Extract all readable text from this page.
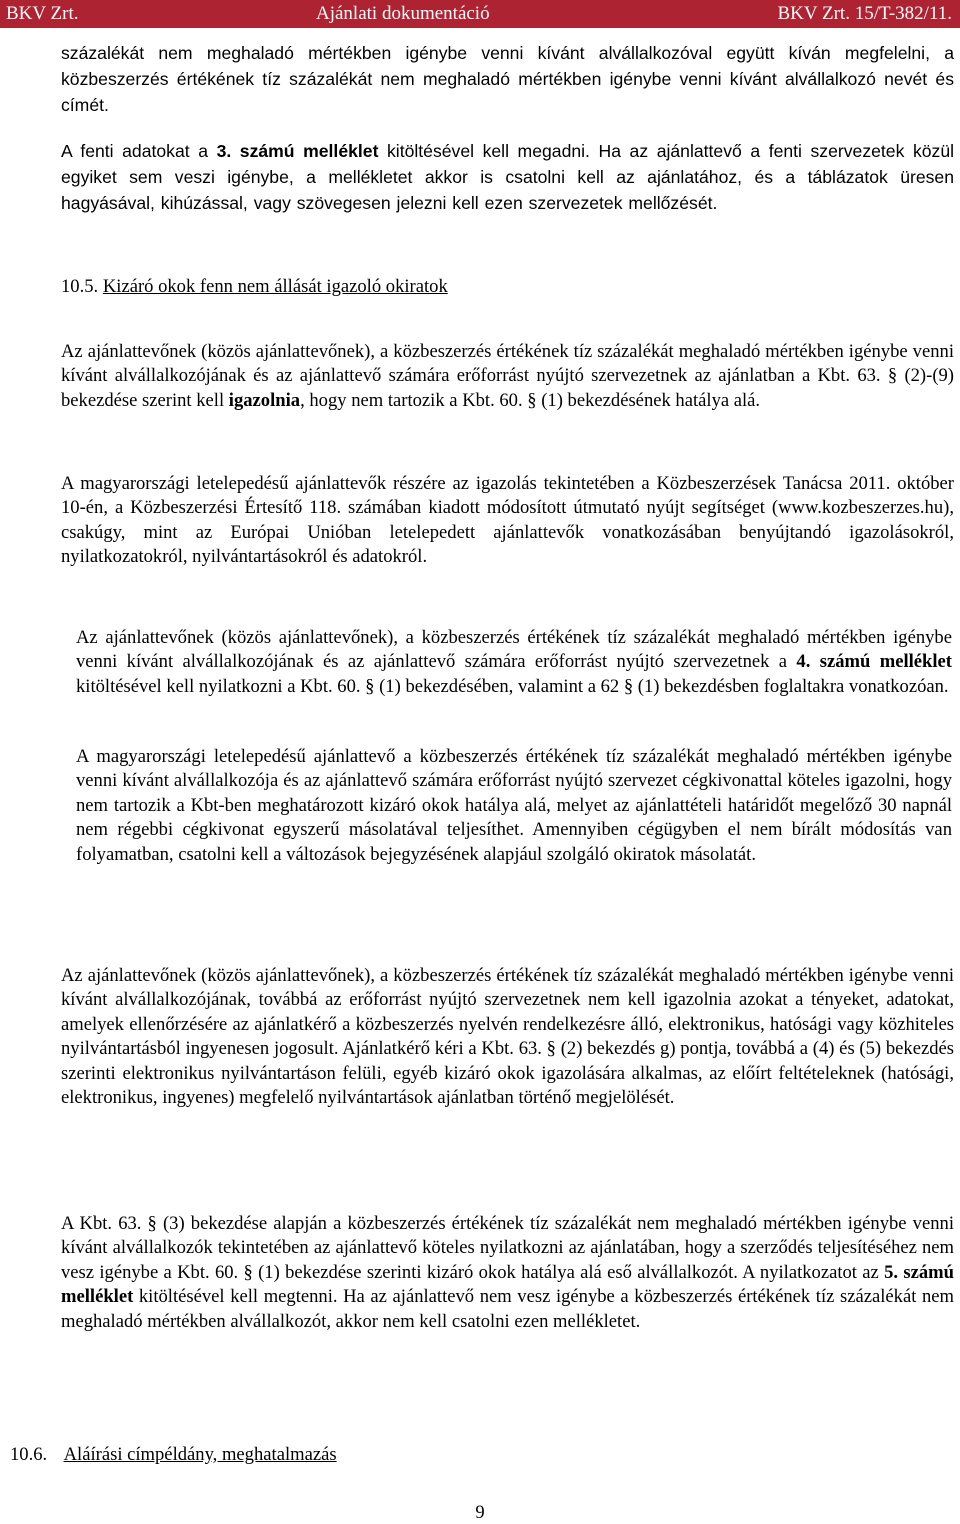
BKV Zrt.	Ajánlati dokumentáció	BKV Zrt. 15/T-382/11.

százalékát nem meghaladó mértékben igénybe venni kívánt alvállalkozóval együtt kíván megfelelni, a közbeszerzés értékének tíz százalékát nem meghaladó mértékben igénybe venni kívánt alvállalkozó nevét és címét.

A fenti adatokat a 3. számú melléklet kitöltésével kell megadni. Ha az ajánlattevő a fenti szervezetek közül egyiket sem veszi igénybe, a mellékletet akkor is csatolni kell az ajánlatához, és a táblázatok üresen hagyásával, kihúzással, vagy szövegesen jelezni kell ezen szervezetek mellőzését.

10.5. Kizáró okok fenn nem állását igazoló okiratok

Az ajánlattevőnek (közös ajánlattevőnek), a közbeszerzés értékének tíz százalékát meghaladó mértékben igénybe venni kívánt alvállalkozójának és az ajánlattevő számára erőforrást nyújtó szervezetnek az ajánlatban a Kbt. 63. § (2)-(9) bekezdése szerint kell igazolnia, hogy nem tartozik a Kbt. 60. § (1) bekezdésének hatálya alá.

A magyarországi letelepedésű ajánlattevők részére az igazolás tekintetében a Közbeszerzések Tanácsa 2011. október 10-én, a Közbeszerzési Értesítő 118. számában kiadott módosított útmutató nyújt segítséget (www.kozbeszerzes.hu), csakúgy, mint az Európai Unióban letelepedett ajánlattevők vonatkozásában benyújtandó igazolásokról, nyilatkozatokról, nyilvántartásokról és adatokról.

Az ajánlattevőnek (közös ajánlattevőnek), a közbeszerzés értékének tíz százalékát meghaladó mértékben igénybe venni kívánt alvállalkozójának és az ajánlattevő számára erőforrást nyújtó szervezetnek a 4. számú melléklet kitöltésével kell nyilatkozni a Kbt. 60. § (1) bekezdésében, valamint a 62 § (1) bekezdésben foglaltakra vonatkozóan.

A magyarországi letelepedésű ajánlattevő a közbeszerzés értékének tíz százalékát meghaladó mértékben igénybe venni kívánt alvállalkozója és az ajánlattevő számára erőforrást nyújtó szervezet cégkivonattal köteles igazolni, hogy nem tartozik a Kbt-ben meghatározott kizáró okok hatálya alá, melyet az ajánlattételi határidőt megelőző 30 napnál nem régebbi cégkivonat egyszerű másolatával teljesíthet. Amennyiben cégügyben el nem bírált módosítás van folyamatban, csatolni kell a változások bejegyzésének alapjául szolgáló okiratok másolatát.

Az ajánlattevőnek (közös ajánlattevőnek), a közbeszerzés értékének tíz százalékát meghaladó mértékben igénybe venni kívánt alvállalkozójának, továbbá az erőforrást nyújtó szervezetnek nem kell igazolnia azokat a tényeket, adatokat, amelyek ellenőrzésére az ajánlatkérő a közbeszerzés nyelvén rendelkezésre álló, elektronikus, hatósági vagy közhiteles nyilvántartásból ingyenesen jogosult. Ajánlatkérő kéri a Kbt. 63. § (2) bekezdés g) pontja, továbbá a (4) és (5) bekezdés szerinti elektronikus nyilvántartáson felüli, egyéb kizáró okok igazolására alkalmas, az előírt feltételeknek (hatósági, elektronikus, ingyenes) megfelelő nyilvántartások ajánlatban történő megjelölését.

A Kbt. 63. § (3) bekezdése alapján a közbeszerzés értékének tíz százalékát nem meghaladó mértékben igénybe venni kívánt alvállalkozók tekintetében az ajánlattevő köteles nyilatkozni az ajánlatában, hogy a szerződés teljesítéséhez nem vesz igénybe a Kbt. 60. § (1) bekezdése szerinti kizáró okok hatálya alá eső alvállalkozót. A nyilatkozatot az 5. számú melléklet kitöltésével kell megtenni. Ha az ajánlattevő nem vesz igénybe a közbeszerzés értékének tíz százalékát nem meghaladó mértékben alvállalkozót, akkor nem kell csatolni ezen mellékletet.

10.6. Aláírási címpéldány, meghatalmazás
9
